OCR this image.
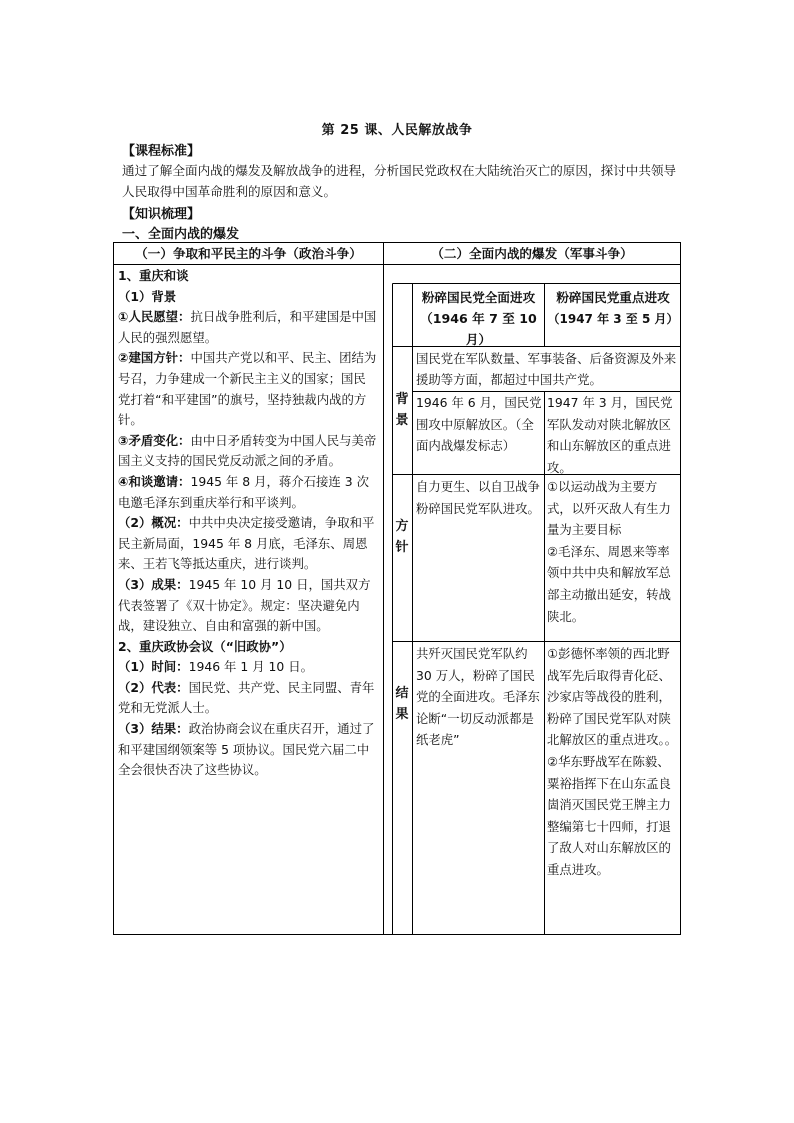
第 25 课、人民解放战争
【课程标准】
通过了解全面内战的爆发及解放战争的进程，分析国民党政权在大陆统治灭亡的原因，探讨中共领导人民取得中国革命胜利的原因和意义。
【知识梳理】
一、全面内战的爆发
（一）争取和平民主的斗争（政治斗争）	（二）全面内战的爆发（军事斗争）

1、重庆和谈

（1）背景

①人民愿望：抗日战争胜利后，和平建国是中国人民的强烈愿望。

②建国方针：中国共产党以和平、民主、团结为号召，力争建成一个新民主主义的国家；国民党打着“和平建国”的旗号，坚持独裁内战的方针。

③矛盾变化：由中日矛盾转变为中国人民与美帝国主义支持的国民党反动派之间的矛盾。

④和谈邀请：1945 年 8 月，蒋介石接连 3 次电邀毛泽东到重庆举行和平谈判。

（2）概况：中共中央决定接受邀请，争取和平民主新局面，1945 年 8 月底，毛泽东、周恩来、王若飞等抵达重庆，进行谈判。

（3）成果：1945 年 10 月 10 日，国共双方代表签署了《双十协定》。规定：坚决避免内战，建设独立、自由和富强的新中国。

2、重庆政协会议（“旧政协”）

（1）时间：1946 年 1 月 10 日。

（2）代表：国民党、共产党、民主同盟、青年党和无党派人士。

（3）结果：政治协商会议在重庆召开，通过了和平建国纲领案等 5 项协议。国民党六届二中全会很快否决了这些协议。

粉碎国民党全面进攻（1946 年 7 至 10 月）
粉碎国民党重点进攻
（1947 年 3 至 5 月）
背景
方针
结果
国民党在军队数量、军事装备、后备资源及外来援助等方面，都超过中国共产党。
1946 年 6 月，国民党围攻中原解放区。（全面内战爆发标志）
1947 年 3 月，国民党军队发动对陕北解放区和山东解放区的重点进攻。
自力更生、以自卫战争粉碎国民党军队进攻。

①以运动战为主要方式，以歼灭敌人有生力量为主要目标

②毛泽东、周恩来等率领中共中央和解放军总部主动撤出延安，转战陕北。

共歼灭国民党军队约 30 万人，粉碎了国民党的全面进攻。毛泽东论断“一切反动派都是纸老虎”

①彭德怀率领的西北野战军先后取得青化砭、沙家店等战役的胜利，粉碎了国民党军队对陕北解放区的重点进攻。。

②华东野战军在陈毅、粟裕指挥下在山东孟良崮消灭国民党王牌主力整编第七十四师，打退了敌人对山东解放区的重点进攻。
